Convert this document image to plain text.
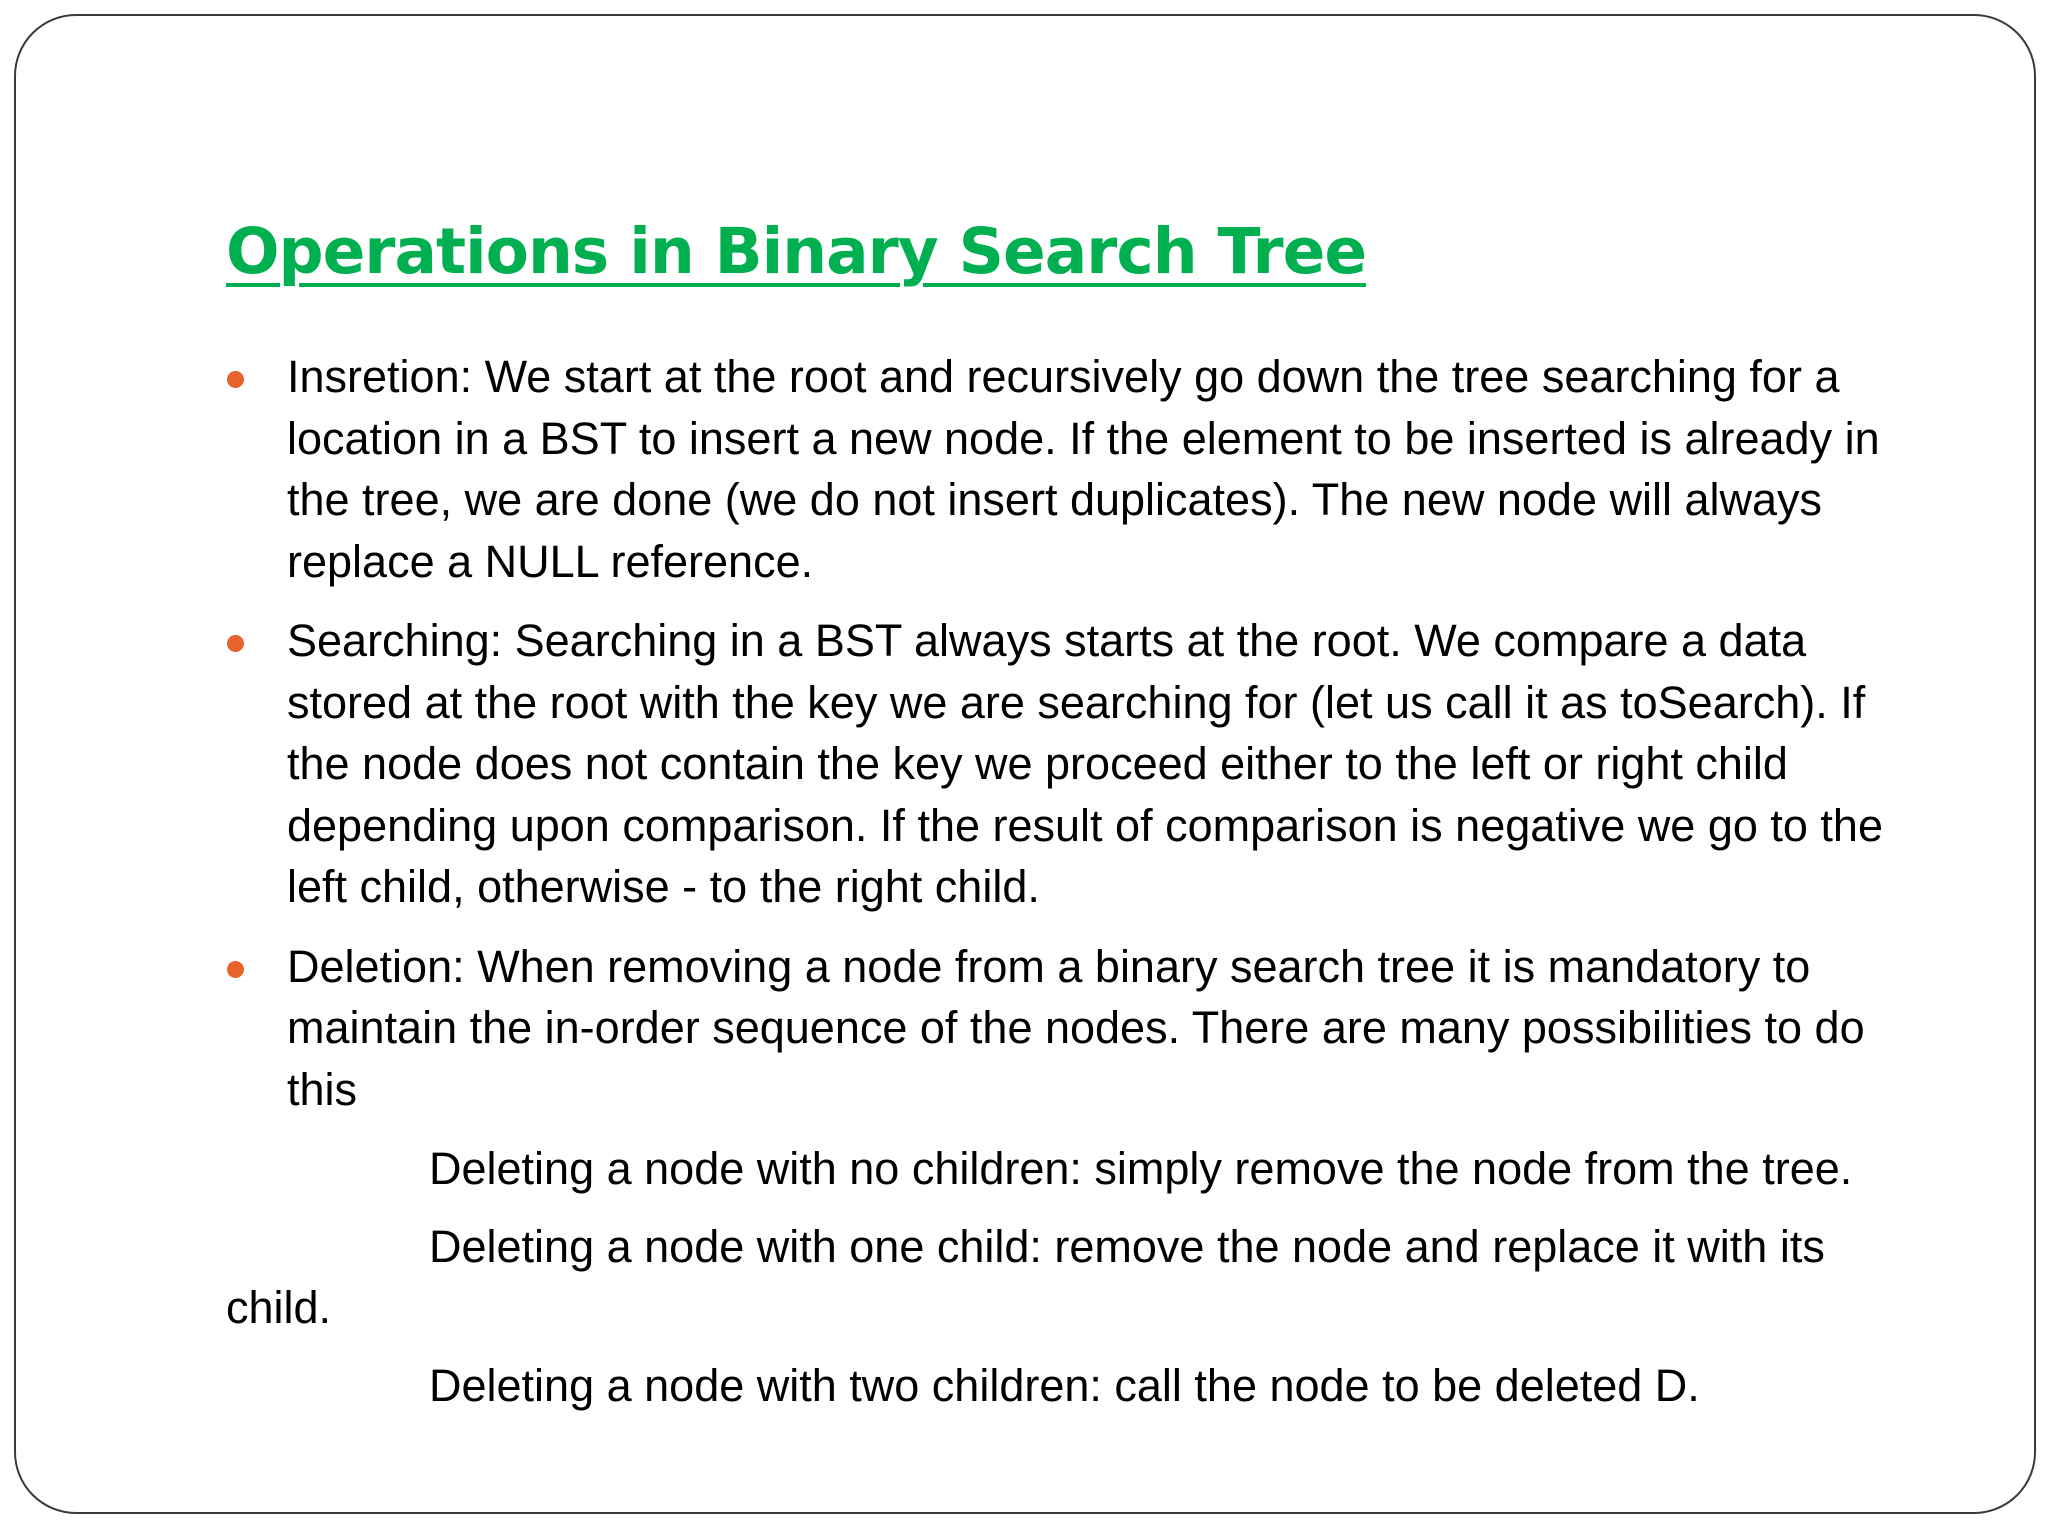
Operations in Binary Search Tree
Insretion: We start at the root and recursively go down the tree searching for a location in a BST to insert a new node. If the element to be inserted is already in the tree, we are done (we do not insert duplicates). The new node will always replace a NULL reference.
Searching: Searching in a BST always starts at the root. We compare a data stored at the root with the key we are searching for (let us call it as toSearch). If the node does not contain the key we proceed either to the left or right child depending upon comparison. If the result of comparison is negative we go to the left child, otherwise - to the right child.
Deletion: When removing a node from a binary search tree it is mandatory to maintain the in-order sequence of the nodes. There are many possibilities to do this

Deleting a node with no children: simply remove the node from the tree.

Deleting a node with one child: remove the node and replace it with its child.

Deleting a node with two children: call the node to be deleted D.
